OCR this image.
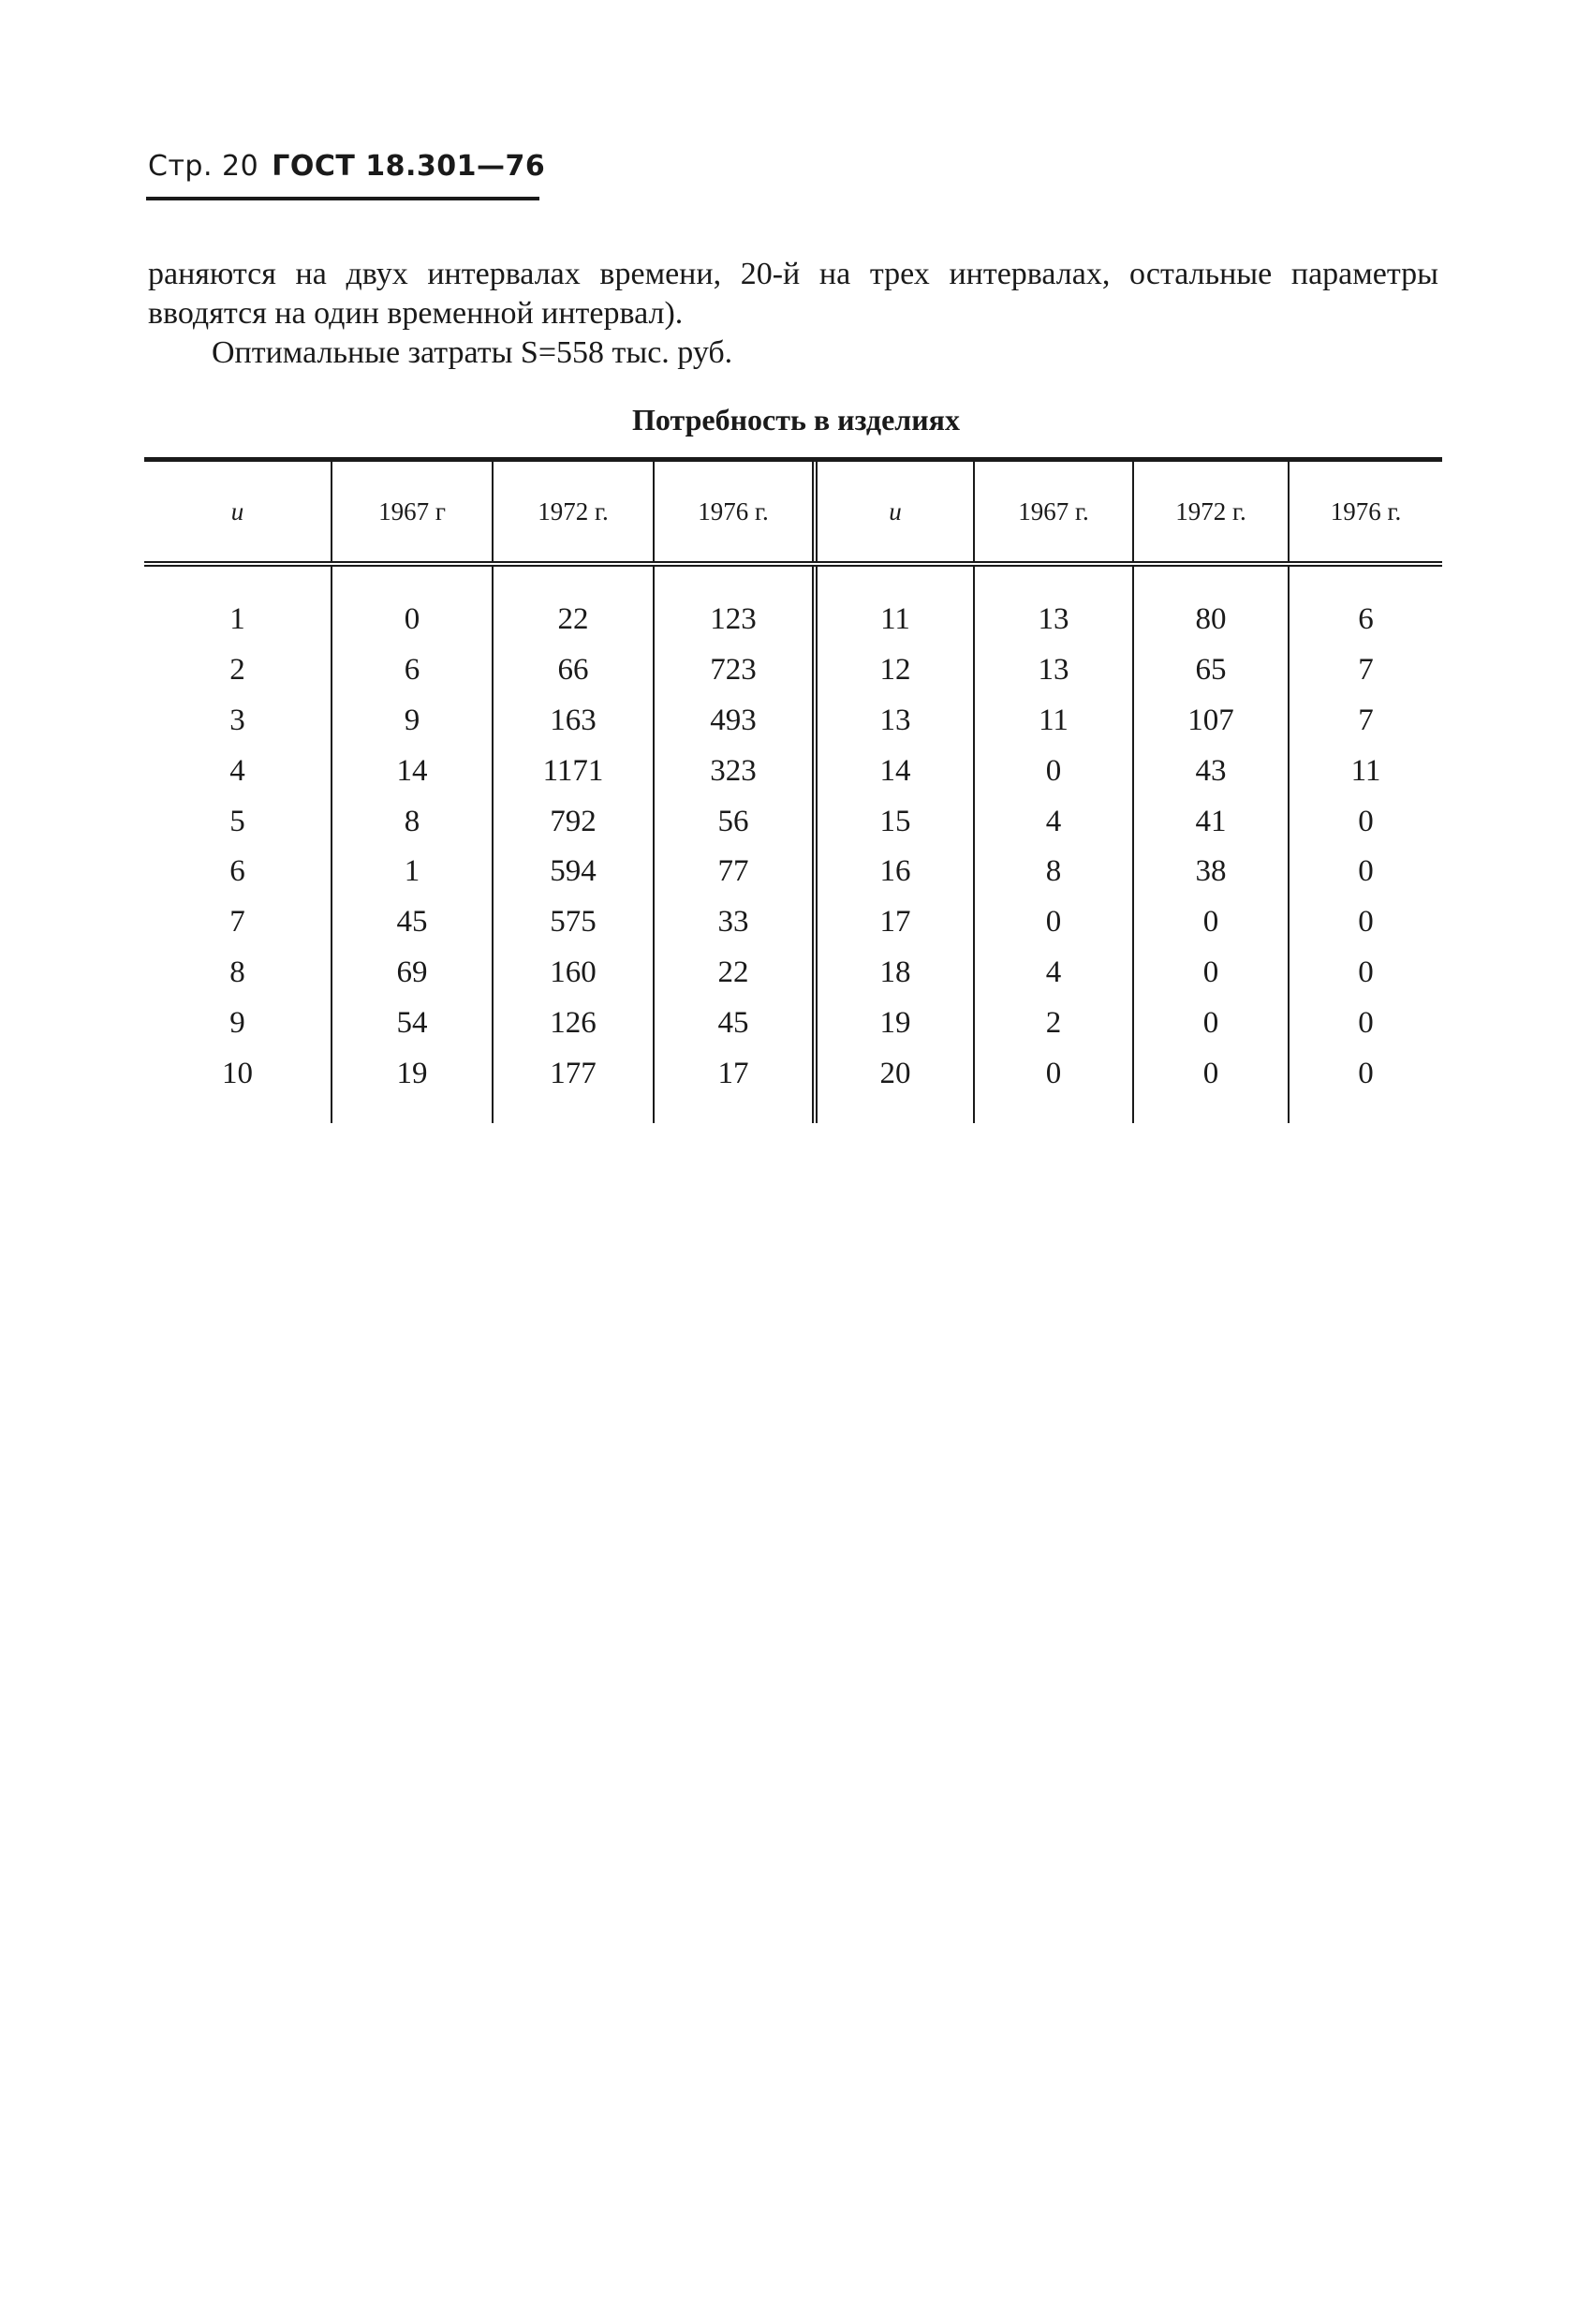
Стр. 20 ГОСТ 18.301—76

раняются на двух интервалах времени, 20-й на трех интервалах, остальные параметры вводятся на один временной интервал).

Оптимальные затраты S=558 тыс. руб.

Потребность в изделиях

u	1967 г	1972 г.	1976 г.	u	1967 г.	1972 г.	1976 г.

1	0	22	123	11	13	80	6
2	6	66	723	12	13	65	7
3	9	163	493	13	11	107	7
4	14	1171	323	14	0	43	11
5	8	792	56	15	4	41	0
6	1	594	77	16	8	38	0
7	45	575	33	17	0	0	0
8	69	160	22	18	4	0	0
9	54	126	45	19	2	0	0
10	19	177	17	20	0	0	0
